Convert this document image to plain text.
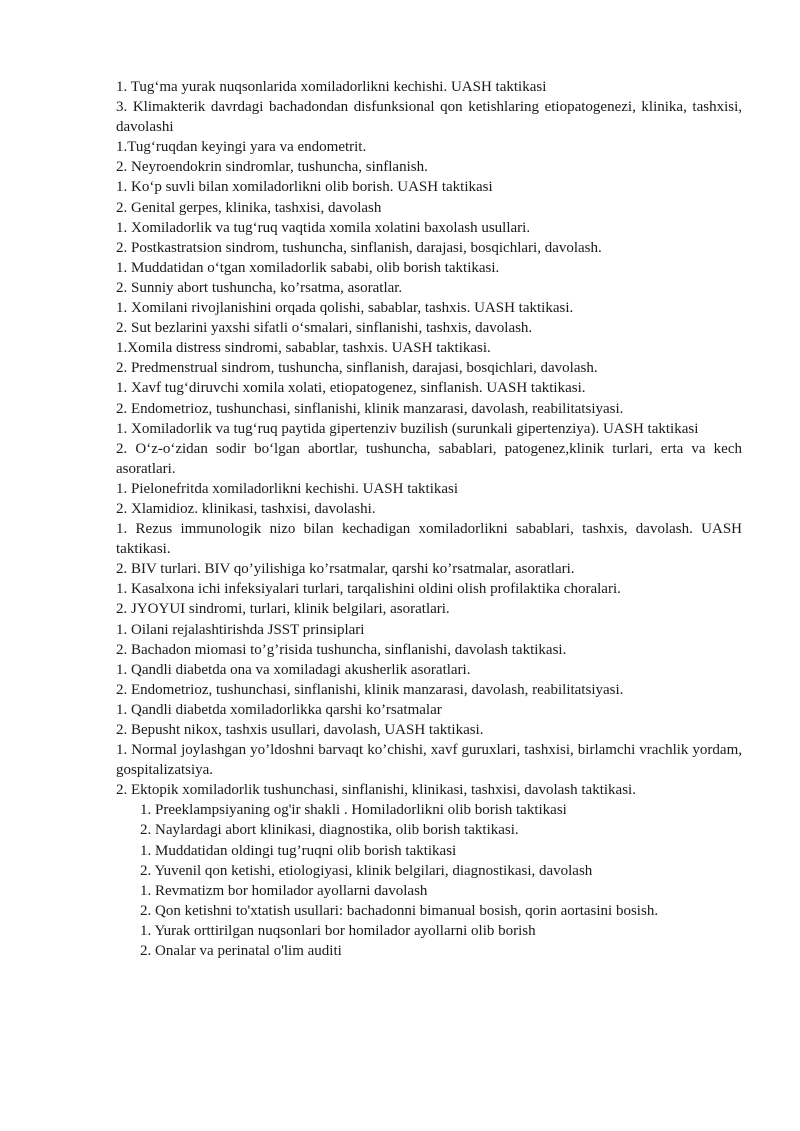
1. Tug‘ma yurak nuqsonlarida xomiladorlikni kechishi. UASH taktikasi
3. Klimakterik davrdagi bachadondan disfunksional qon ketishlaring etiopatogenezi, klinika, tashxisi, davolashi
1.Tug‘ruqdan keyingi yara va endometrit.
2. Neyroendokrin sindromlar, tushuncha, sinflanish.
1. Ko‘p suvli bilan xomiladorlikni olib borish. UASH taktikasi
2. Genital gerpes, klinika, tashxisi, davolash
1. Xomiladorlik va tug‘ruq vaqtida xomila xolatini baxolash usullari.
2. Postkastratsion sindrom, tushuncha, sinflanish, darajasi, bosqichlari, davolash.
1. Muddatidan o‘tgan xomiladorlik sababi, olib borish taktikasi.
2. Sunniy abort tushuncha, ko’rsatma, asoratlar.
1. Xomilani rivojlanishini orqada qolishi, sabablar, tashxis. UASH taktikasi.
2. Sut bezlarini yaxshi sifatli o‘smalari, sinflanishi, tashxis, davolash.
1.Xomila distress sindromi, sabablar, tashxis. UASH taktikasi.
2. Predmenstrual sindrom, tushuncha, sinflanish, darajasi, bosqichlari, davolash.
1. Xavf tug‘diruvchi xomila xolati, etiopatogenez, sinflanish. UASH taktikasi.
2. Endometrioz, tushunchasi, sinflanishi, klinik manzarasi, davolash, reabilitatsiyasi.
1. Xomiladorlik va tug‘ruq paytida gipertenziv buzilish (surunkali gipertenziya). UASH taktikasi
2. O‘z-o‘zidan sodir bo‘lgan abortlar, tushuncha, sabablari, patogenez,klinik turlari, erta va kech asoratlari.
1. Pielonefritda xomiladorlikni kechishi. UASH taktikasi
2. Xlamidioz. klinikasi, tashxisi, davolashi.
1. Rezus immunologik nizo bilan kechadigan xomiladorlikni sabablari, tashxis, davolash. UASH taktikasi.
2. BIV turlari. BIV qo’yilishiga ko’rsatmalar, qarshi ko’rsatmalar, asoratlari.
1. Kasalxona ichi infeksiyalari turlari, tarqalishini oldini olish profilaktika choralari.
2. JYOYUI sindromi, turlari, klinik belgilari, asoratlari.
1. Oilani rejalashtirishda JSST prinsiplari
2. Bachadon miomasi to’g’risida tushuncha, sinflanishi, davolash taktikasi.
1. Qandli diabetda ona va xomiladagi akusherlik asoratlari.
2. Endometrioz, tushunchasi, sinflanishi, klinik manzarasi, davolash, reabilitatsiyasi.
1. Qandli diabetda xomiladorlikka qarshi ko’rsatmalar
2. Bepusht nikox, tashxis usullari, davolash, UASH taktikasi.
1. Normal joylashgan yo’ldoshni barvaqt ko’chishi, xavf guruxlari, tashxisi, birlamchi vrachlik yordam, gospitalizatsiya.
2. Ektopik xomiladorlik tushunchasi, sinflanishi, klinikasi, tashxisi, davolash taktikasi.
1. Preeklampsiyaning og'ir shakli . Homiladorlikni olib borish taktikasi
2. Naylardagi abort klinikasi, diagnostika, olib borish taktikasi.
1. Muddatidan oldingi tug’ruqni olib borish taktikasi
2. Yuvenil qon ketishi, etiologiyasi, klinik belgilari, diagnostikasi, davolash
1. Revmatizm bor homilador ayollarni davolash
2. Qon ketishni to'xtatish usullari: bachadonni bimanual bosish, qorin aortasini bosish.
1. Yurak orttirilgan nuqsonlari bor homilador ayollarni olib borish
2. Onalar va perinatal o'lim auditi
